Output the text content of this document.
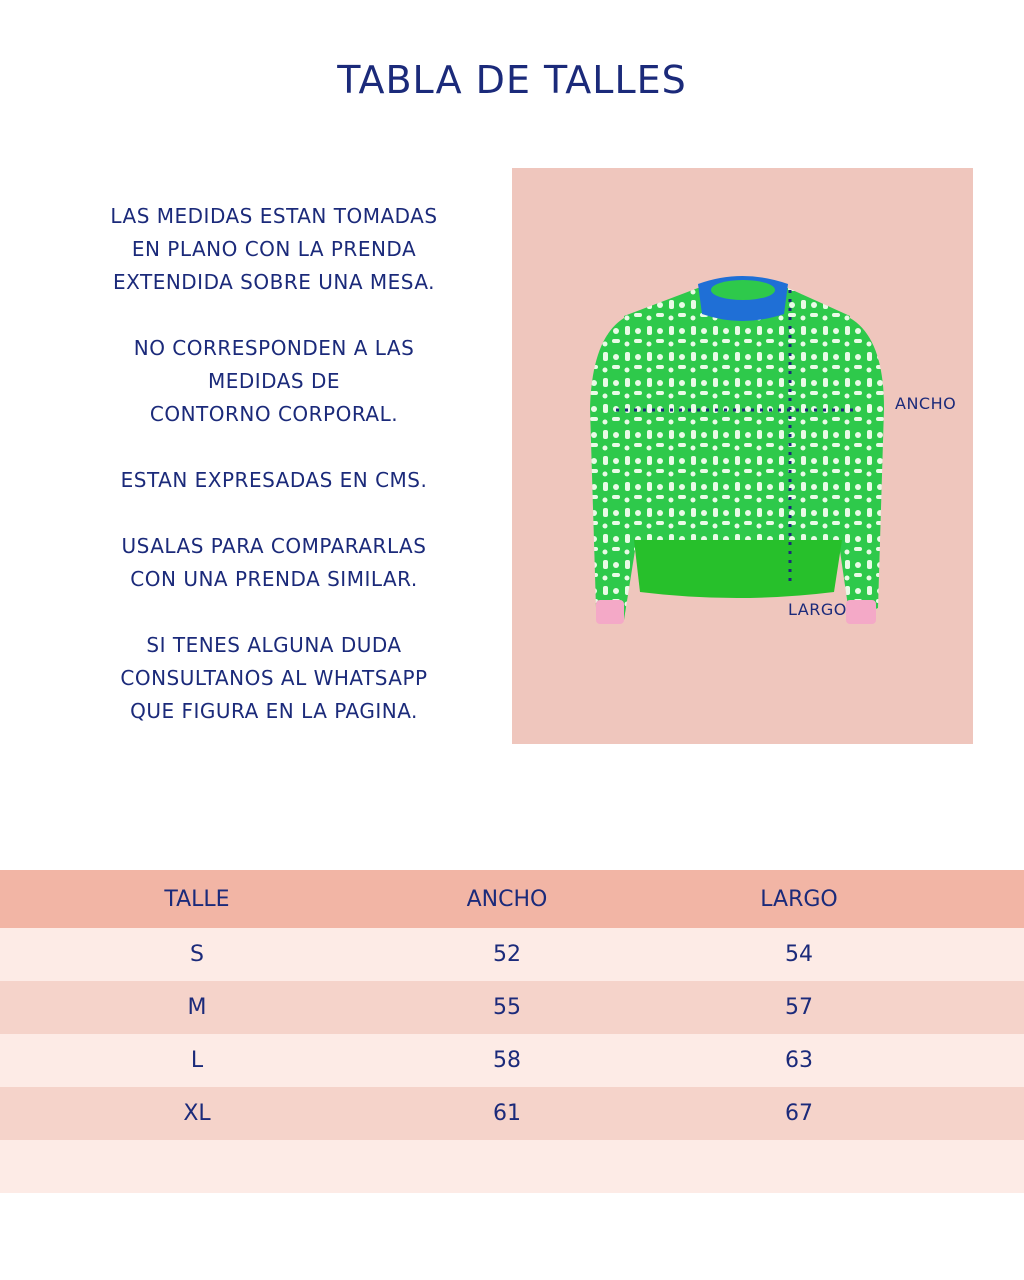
TABLA DE TALLES

LAS MEDIDAS ESTAN TOMADAS
EN PLANO CON LA PRENDA
EXTENDIDA SOBRE UNA MESA.

NO CORRESPONDEN A LAS
MEDIDAS DE
CONTORNO CORPORAL.

ESTAN EXPRESADAS EN CMS.

USALAS PARA COMPARARLAS
CON UNA PRENDA SIMILAR.

SI TENES ALGUNA DUDA
CONSULTANOS AL WHATSAPP
QUE FIGURA EN LA PAGINA.

ANCHO
LARGO
TALLE	ANCHO	LARGO
S	52	54
M	55	57
L	58	63
XL	61	67
